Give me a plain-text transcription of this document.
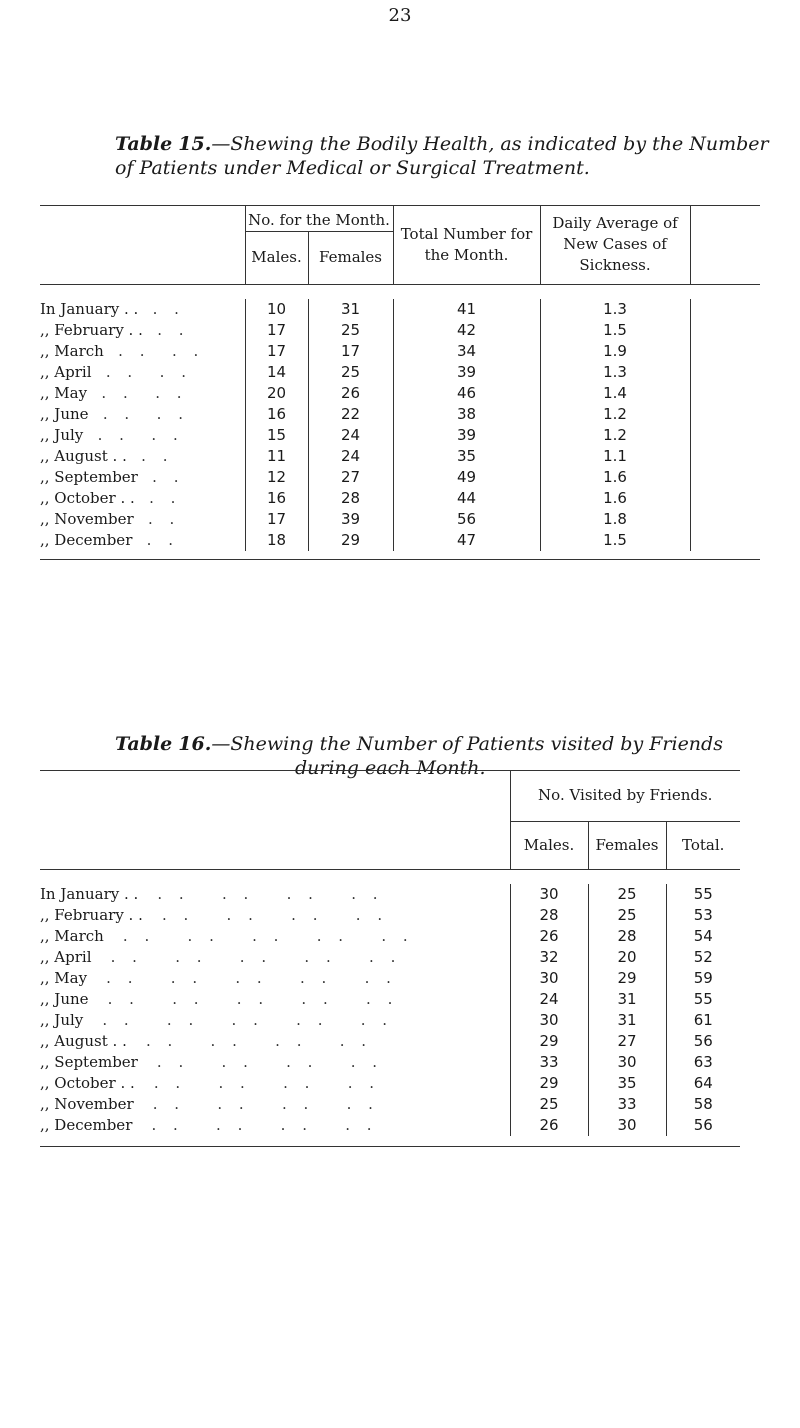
23
Table 15.—Shewing the Bodily Health, as indicated by the Number
of Patients under Medical or Surgical Treatment.
	No. for the Month.		Total Number for the Month.	Daily Average of New Cases of Sickness.	
	Males.	Females			

In January . . . .	10	31	41	1.3	
,, February . . . .	17	25	42	1.5	
,, March . .  . .	17	17	34	1.9	
,, April . .  . .	14	25	39	1.3	
,, May . .  . .	20	26	46	1.4	
,, June . .  . .	16	22	38	1.2	
,, July . .  . .	15	24	39	1.2	
,, August . . . .	11	24	35	1.1	
,, September . .	12	27	49	1.6	
,, October . . . .	16	28	44	1.6	
,, November . .	17	39	56	1.8	
,, December . .	18	29	47	1.5	

Table 16.—Shewing the Number of Patients visited by Friends
during each Month.
	No. Visited by Friends.		
	Males.	Females	Total.

In January . . . .   . .   . .   . .	30	25	55
,, February . . . .   . .   . .   . .	28	25	53
,, March . .   . .   . .   . .   . .	26	28	54
,, April . .   . .   . .   . .   . .	32	20	52
,, May . .   . .   . .   . .   . .	30	29	59
,, June . .   . .   . .   . .   . .	24	31	55
,, July . .   . .   . .   . .   . .	30	31	61
,, August . . . .   . .   . .   . .	29	27	56
,, September . .   . .   . .   . .	33	30	63
,, October . . . .   . .   . .   . .	29	35	64
,, November . .   . .   . .   . .	25	33	58
,, December . .   . .   . .   . .	26	30	56
